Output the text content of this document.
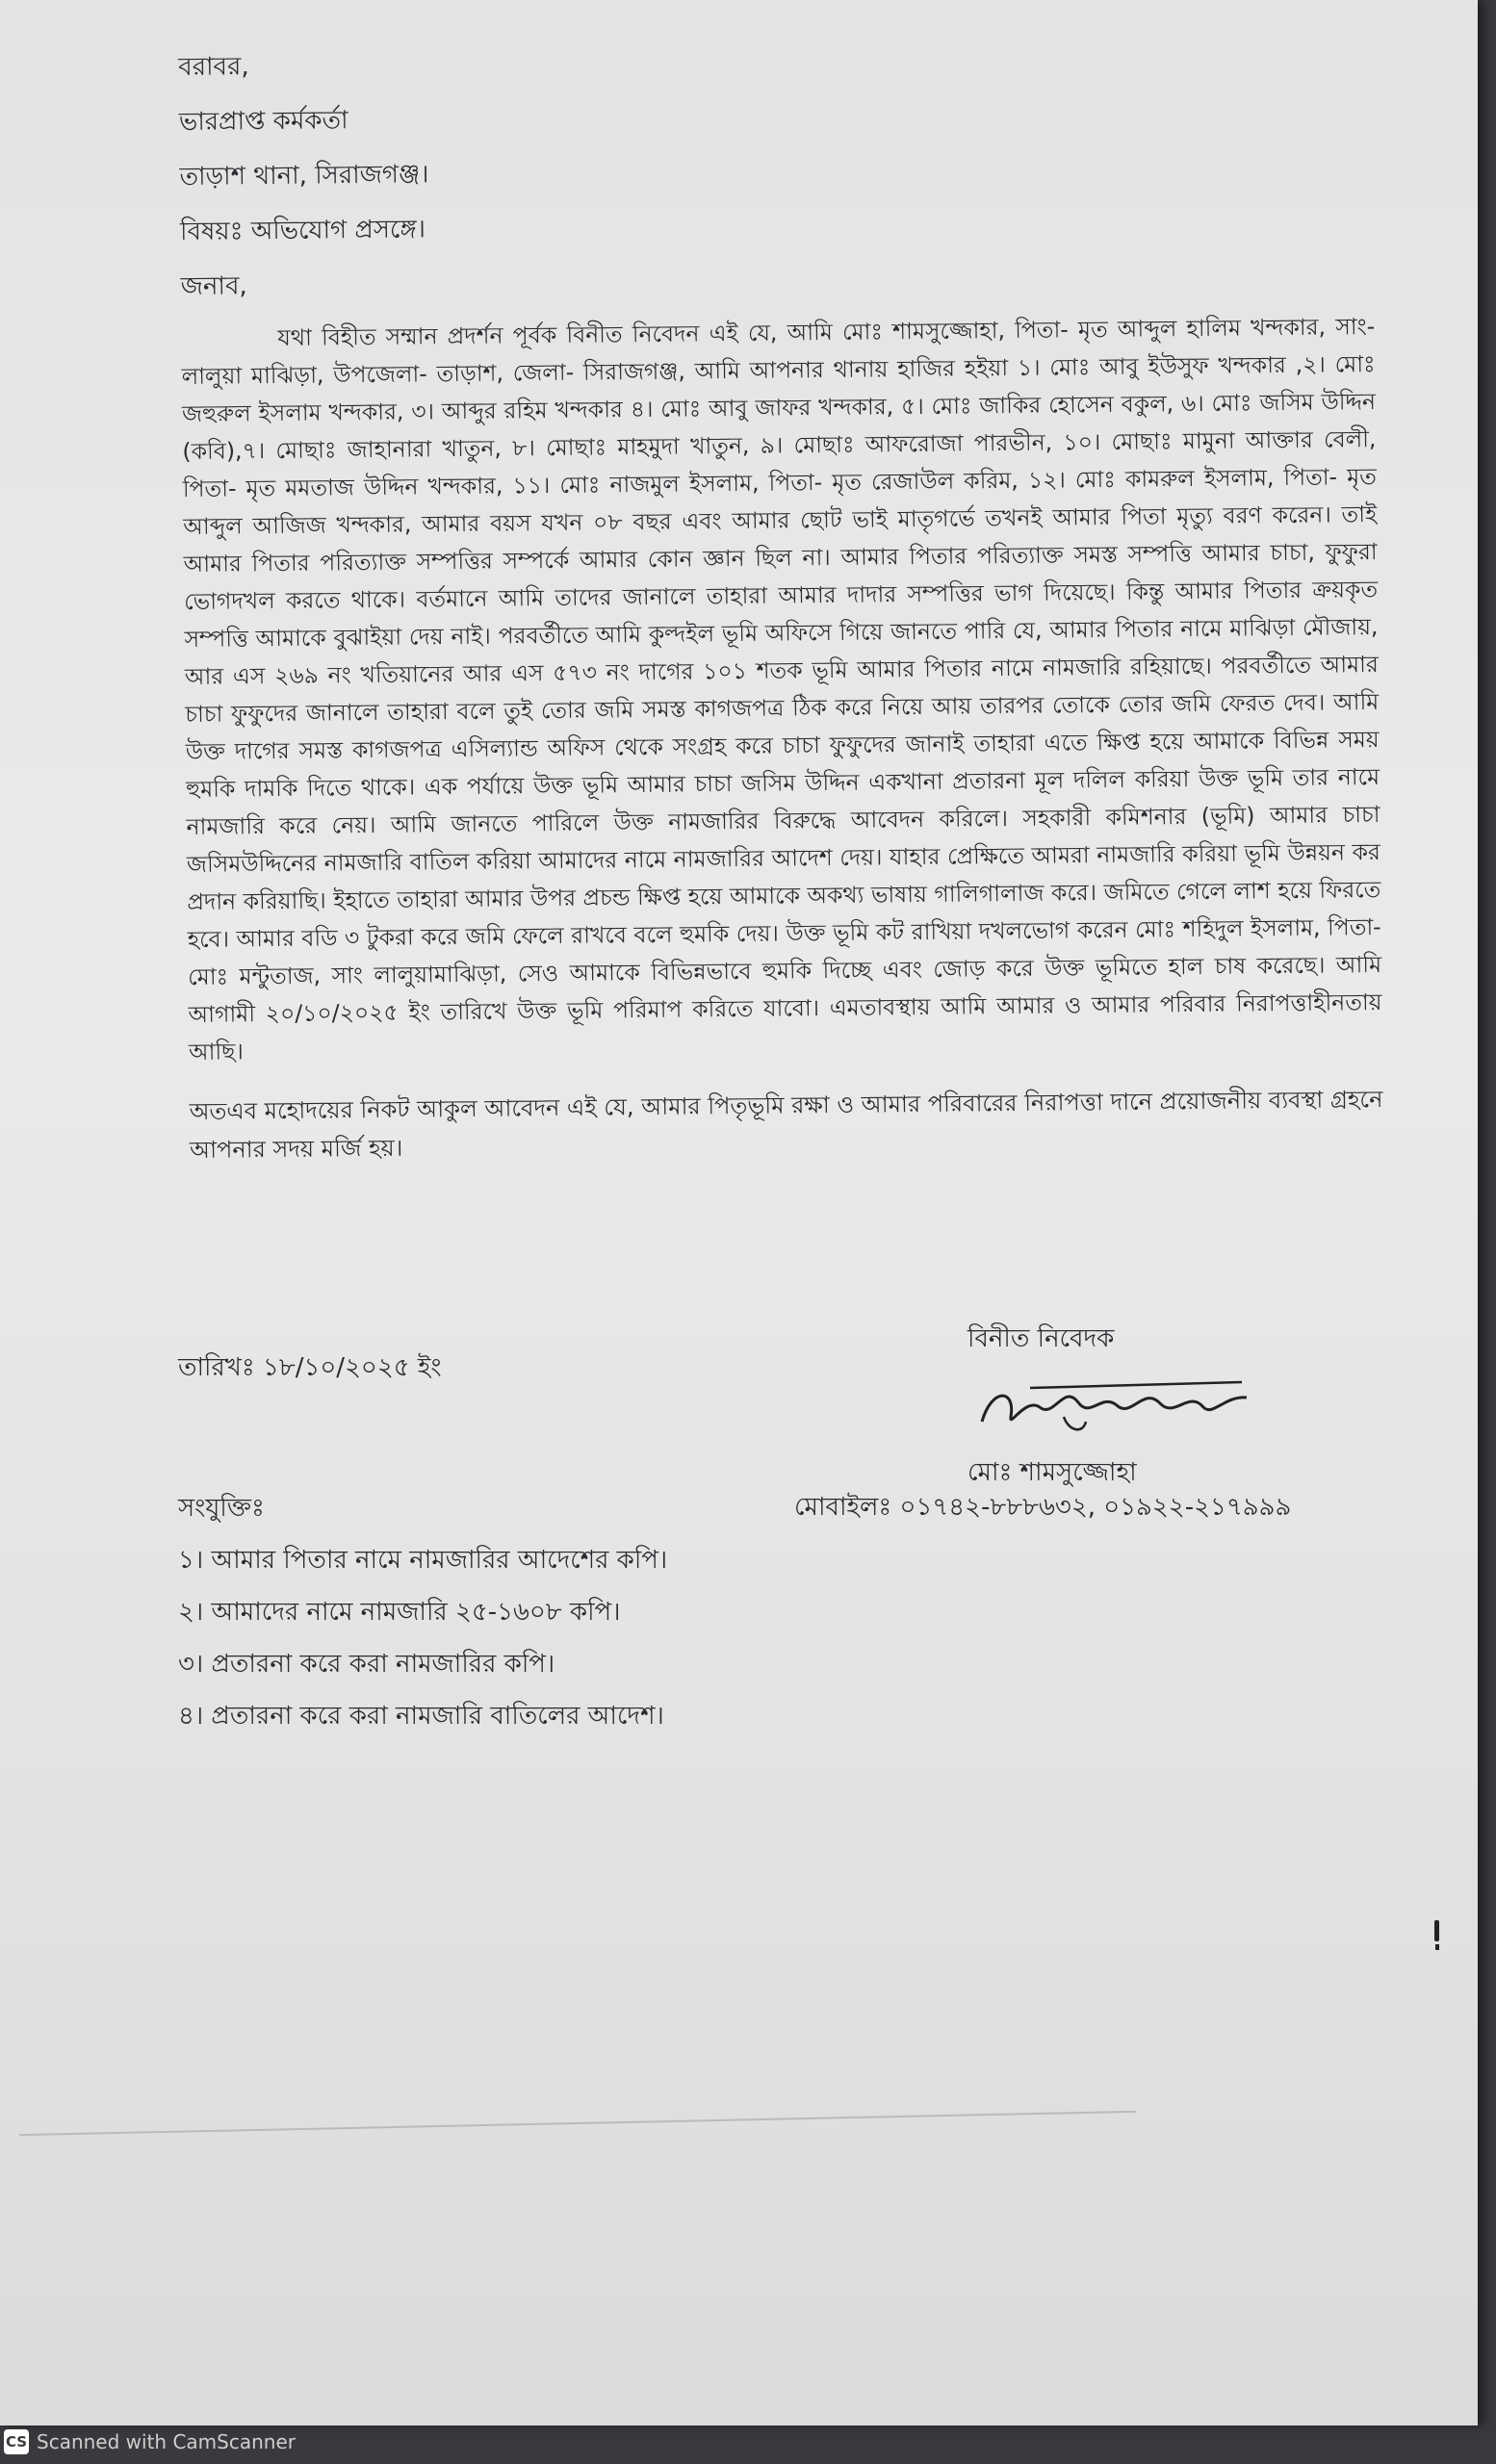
বরাবর,

ভারপ্রাপ্ত কর্মকর্তা

তাড়াশ থানা, সিরাজগঞ্জ।

বিষয়ঃ অভিযোগ প্রসঙ্গে।

জনাব,

যথা বিহীত সম্মান প্রদর্শন পূর্বক বিনীত নিবেদন এই যে, আমি মোঃ শামসুজ্জোহা, পিতা- মৃত আব্দুল হালিম খন্দকার, সাং- লালুয়া মাঝিড়া, উপজেলা- তাড়াশ, জেলা- সিরাজগঞ্জ, আমি আপনার থানায় হাজির হইয়া ১। মোঃ আবু ইউসুফ খন্দকার ,২। মোঃ জহুরুল ইসলাম খন্দকার, ৩। আব্দুর রহিম খন্দকার ৪। মোঃ আবু জাফর খন্দকার, ৫। মোঃ জাকির হোসেন বকুল, ৬। মোঃ জসিম উদ্দিন (কবি),৭। মোছাঃ জাহানারা খাতুন, ৮। মোছাঃ মাহমুদা খাতুন, ৯। মোছাঃ আফরোজা পারভীন, ১০। মোছাঃ মামুনা আক্তার বেলী, পিতা- মৃত মমতাজ উদ্দিন খন্দকার, ১১। মোঃ নাজমুল ইসলাম, পিতা- মৃত রেজাউল করিম, ১২। মোঃ কামরুল ইসলাম, পিতা- মৃত আব্দুল আজিজ খন্দকার, আমার বয়স যখন ০৮ বছর এবং আমার ছোট ভাই মাতৃগর্ভে তখনই আমার পিতা মৃত্যু বরণ করেন। তাই আমার পিতার পরিত্যাক্ত সম্পত্তির সম্পর্কে আমার কোন জ্ঞান ছিল না। আমার পিতার পরিত্যাক্ত সমস্ত সম্পত্তি আমার চাচা, ফুফুরা ভোগদখল করতে থাকে। বর্তমানে আমি তাদের জানালে তাহারা আমার দাদার সম্পত্তির ভাগ দিয়েছে। কিন্তু আমার পিতার ক্রয়কৃত সম্পত্তি আমাকে বুঝাইয়া দেয় নাই। পরবর্তীতে আমি কুল্দইল ভূমি অফিসে গিয়ে জানতে পারি যে, আমার পিতার নামে মাঝিড়া মৌজায়, আর এস ২৬৯ নং খতিয়ানের আর এস ৫৭৩ নং দাগের ১০১ শতক ভূমি আমার পিতার নামে নামজারি রহিয়াছে। পরবর্তীতে আমার চাচা ফুফুদের জানালে তাহারা বলে তুই তোর জমি সমস্ত কাগজপত্র ঠিক করে নিয়ে আয় তারপর তোকে তোর জমি ফেরত দেব। আমি উক্ত দাগের সমস্ত কাগজপত্র এসিল্যান্ড অফিস থেকে সংগ্রহ করে চাচা ফুফুদের জানাই তাহারা এতে ক্ষিপ্ত হয়ে আমাকে বিভিন্ন সময় হুমকি দামকি দিতে থাকে। এক পর্যায়ে উক্ত ভূমি আমার চাচা জসিম উদ্দিন একখানা প্রতারনা মূল দলিল করিয়া উক্ত ভূমি তার নামে নামজারি করে নেয়। আমি জানতে পারিলে উক্ত নামজারির বিরুদ্ধে আবেদন করিলে। সহকারী কমিশনার (ভূমি) আমার চাচা জসিমউদ্দিনের নামজারি বাতিল করিয়া আমাদের নামে নামজারির আদেশ দেয়। যাহার প্রেক্ষিতে আমরা নামজারি করিয়া ভূমি উন্নয়ন কর প্রদান করিয়াছি। ইহাতে তাহারা আমার উপর প্রচন্ড ক্ষিপ্ত হয়ে আমাকে অকথ্য ভাষায় গালিগালাজ করে। জমিতে গেলে লাশ হয়ে ফিরতে হবে। আমার বডি ৩ টুকরা করে জমি ফেলে রাখবে বলে হুমকি দেয়। উক্ত ভূমি কট রাখিয়া দখলভোগ করেন মোঃ শহিদুল ইসলাম, পিতা- মোঃ মন্টুতাজ, সাং লালুয়ামাঝিড়া, সেও আমাকে বিভিন্নভাবে হুমকি দিচ্ছে এবং জোড় করে উক্ত ভূমিতে হাল চাষ করেছে। আমি আগামী ২০/১০/২০২৫ ইং তারিখে উক্ত ভূমি পরিমাপ করিতে যাবো। এমতাবস্থায় আমি আমার ও আমার পরিবার নিরাপত্তাহীনতায় আছি।

অতএব মহোদয়ের নিকট আকুল আবেদন এই যে, আমার পিতৃভূমি রক্ষা ও আমার পরিবারের নিরাপত্তা দানে প্রয়োজনীয় ব্যবস্থা গ্রহনে আপনার সদয় মর্জি হয়।

তারিখঃ ১৮/১০/২০২৫ ইং
বিনীত নিবেদক
শামসুজ্জোহা
মোঃ শামসুজ্জোহা
মোবাইলঃ ০১৭৪২-৮৮৮৬৩২, ০১৯২২-২১৭৯৯৯
সংযুক্তিঃ
১। আমার পিতার নামে নামজারির আদেশের কপি।
২। আমাদের নামে নামজারি ২৫-১৬০৮ কপি।
৩। প্রতারনা করে করা নামজারির কপি।
৪। প্রতারনা করে করা নামজারি বাতিলের আদেশ।
CS Scanned with CamScanner
